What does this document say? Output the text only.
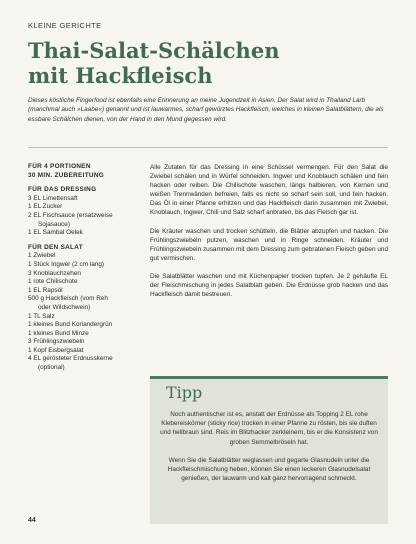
KLEINE GERICHTE
Thai-Salat-Schälchen
mit Hackfleisch
Dieses köstliche Fingerfood ist ebenfalls eine Erinnerung an meine Jugendzeit in Asien. Der Salat wird in Thailand Larb (manchmal auch »Laabe«) genannt und ist lauwarmes, scharf gewürztes Hackfleisch, welches in kleinen Salatblättern, die als essbare Schälchen dienen, von der Hand in den Mund gegessen wird.
FÜR 4 PORTIONEN
30 MIN. ZUBEREITUNG
FÜR DAS DRESSING
3 EL Limettensaft
1 EL Zucker
2 EL Fischsauce (ersatzweise
Sojasauce)
1 EL Sambal Oelek
FÜR DEN SALAT
1 Zwiebel
1 Stück Ingwer (2 cm lang)
3 Knoblauchzehen
1 rote Chilischote
1 EL Rapsöl
500 g Hackfleisch (vom Reh
oder Wildschwein)
1 TL Salz
1 kleines Bund Koriandergrün
1 kleines Bund Minze
3 Frühlingszwiebeln
1 Kopf Eisbergsalat
4 EL gerösteter Erdnusskerne
(optional)

Alle Zutaten für das Dressing in eine Schüssel vermengen. Für den Salat die Zwiebel schälen und in Würfel schneiden. Ingwer und Knoblauch schälen und fein hacken oder reiben. Die Chilischote waschen, längs halbieren, von Kernen und weißen Trennwänden befreien, falls es nicht so scharf sein soll, und fein hacken. Das Öl in einer Pfanne erhitzen und das Hackfleisch darin zusammen mit Zwiebel, Knoblauch, Ingwer, Chili und Salz scharf anbraten, bis das Fleisch gar ist.

Die Kräuter waschen und trocken schütteln, die Blätter abzupfen und hacken. Die Frühlingszwiebeln putzen, waschen und in Ringe schneiden. Kräuter und Frühlingszwiebeln zusammen mit dem Dressing zum gebratenen Fleisch geben und gut vermischen.

Die Salatblätter waschen und mit Küchenpapier trocken tupfen. Je 2 gehäufte EL der Fleischmischung in jedes Salatblatt geben. Die Erdnüsse grob hacken und das Hackfleisch damit bestreuen.

Tipp

Noch authentischer ist es, anstatt der Erdnüsse als Topping 2 EL rohe Klebereiskörner (sticky rice) trocken in einer Pfanne zu rösten, bis sie duften und hellbraun sind. Reis im Blitzhacker zerkleinern, bis er die Konsistenz von groben Semmelbröseln hat.

Wenn Sie die Salatblätter weglassen und gegarte Glasnudeln unter die Hackfleischmischung heben, können Sie einen leckeren Glasnudelsalat genießen, der lauwarm und kalt ganz hervorragend schmeckt.

44
